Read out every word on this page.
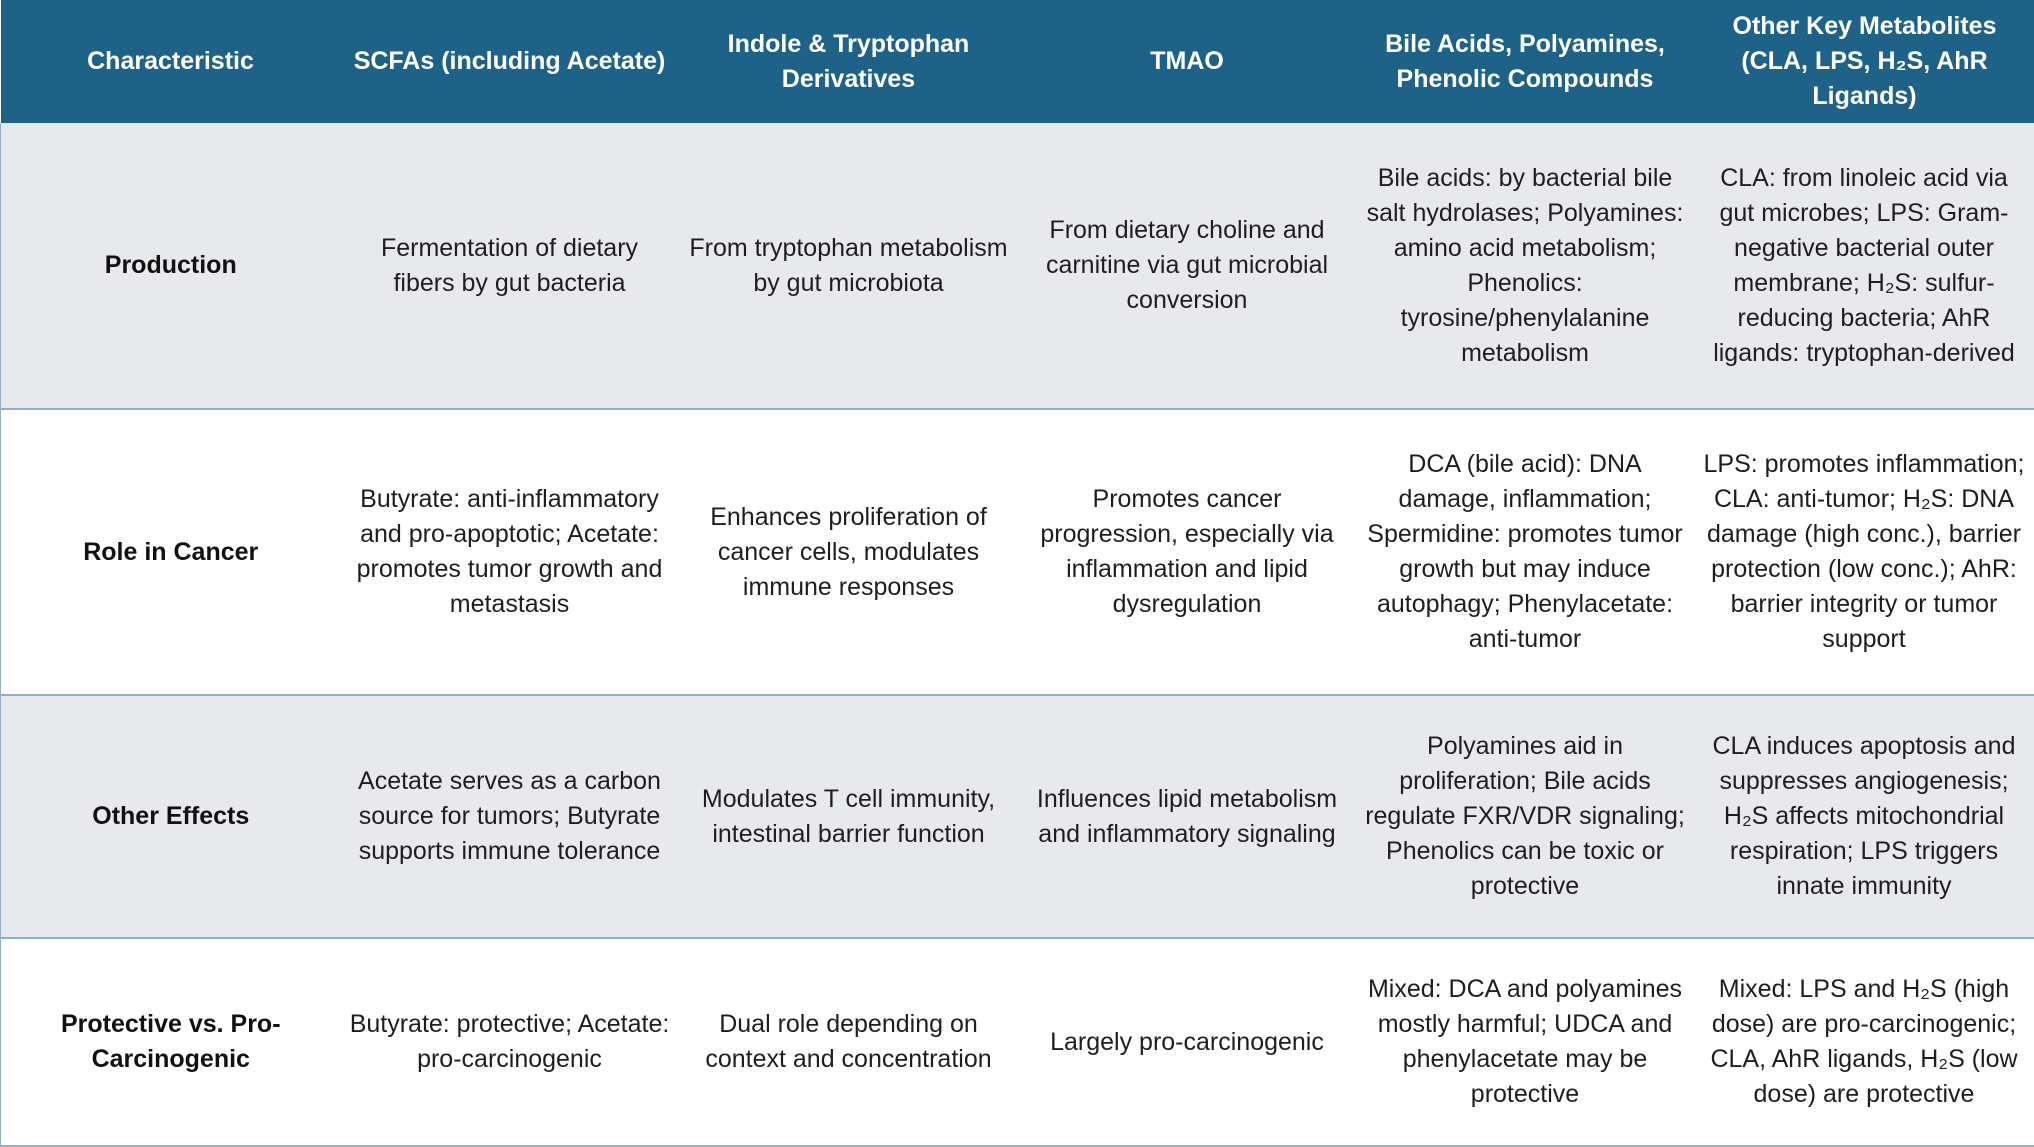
Characteristic	SCFAs (including Acetate)	Indole & Tryptophan Derivatives	TMAO	Bile Acids, Polyamines, Phenolic Compounds	Other Key Metabolites (CLA, LPS, H₂S, AhR Ligands)
Production	Fermentation of dietary fibers by gut bacteria	From tryptophan metabolism by gut microbiota	From dietary choline and carnitine via gut microbial conversion	Bile acids: by bacterial bile salt hydrolases; Polyamines: amino acid metabolism; Phenolics: tyrosine/phenylalanine metabolism	CLA: from linoleic acid via gut microbes; LPS: Gram-negative bacterial outer membrane; H₂S: sulfur-reducing bacteria; AhR ligands: tryptophan-derived
Role in Cancer	Butyrate: anti-inflammatory and pro-apoptotic; Acetate: promotes tumor growth and metastasis	Enhances proliferation of cancer cells, modulates immune responses	Promotes cancer progression, especially via inflammation and lipid dysregulation	DCA (bile acid): DNA damage, inflammation; Spermidine: promotes tumor growth but may induce autophagy; Phenylacetate: anti-tumor	LPS: promotes inflammation; CLA: anti-tumor; H₂S: DNA damage (high conc.), barrier protection (low conc.); AhR: barrier integrity or tumor support
Other Effects	Acetate serves as a carbon source for tumors; Butyrate supports immune tolerance	Modulates T cell immunity, intestinal barrier function	Influences lipid metabolism and inflammatory signaling	Polyamines aid in proliferation; Bile acids regulate FXR/VDR signaling; Phenolics can be toxic or protective	CLA induces apoptosis and suppresses angiogenesis; H₂S affects mitochondrial respiration; LPS triggers innate immunity
Protective vs. Pro-Carcinogenic	Butyrate: protective; Acetate: pro-carcinogenic	Dual role depending on context and concentration	Largely pro-carcinogenic	Mixed: DCA and polyamines mostly harmful; UDCA and phenylacetate may be protective	Mixed: LPS and H₂S (high dose) are pro-carcinogenic; CLA, AhR ligands, H₂S (low dose) are protective
